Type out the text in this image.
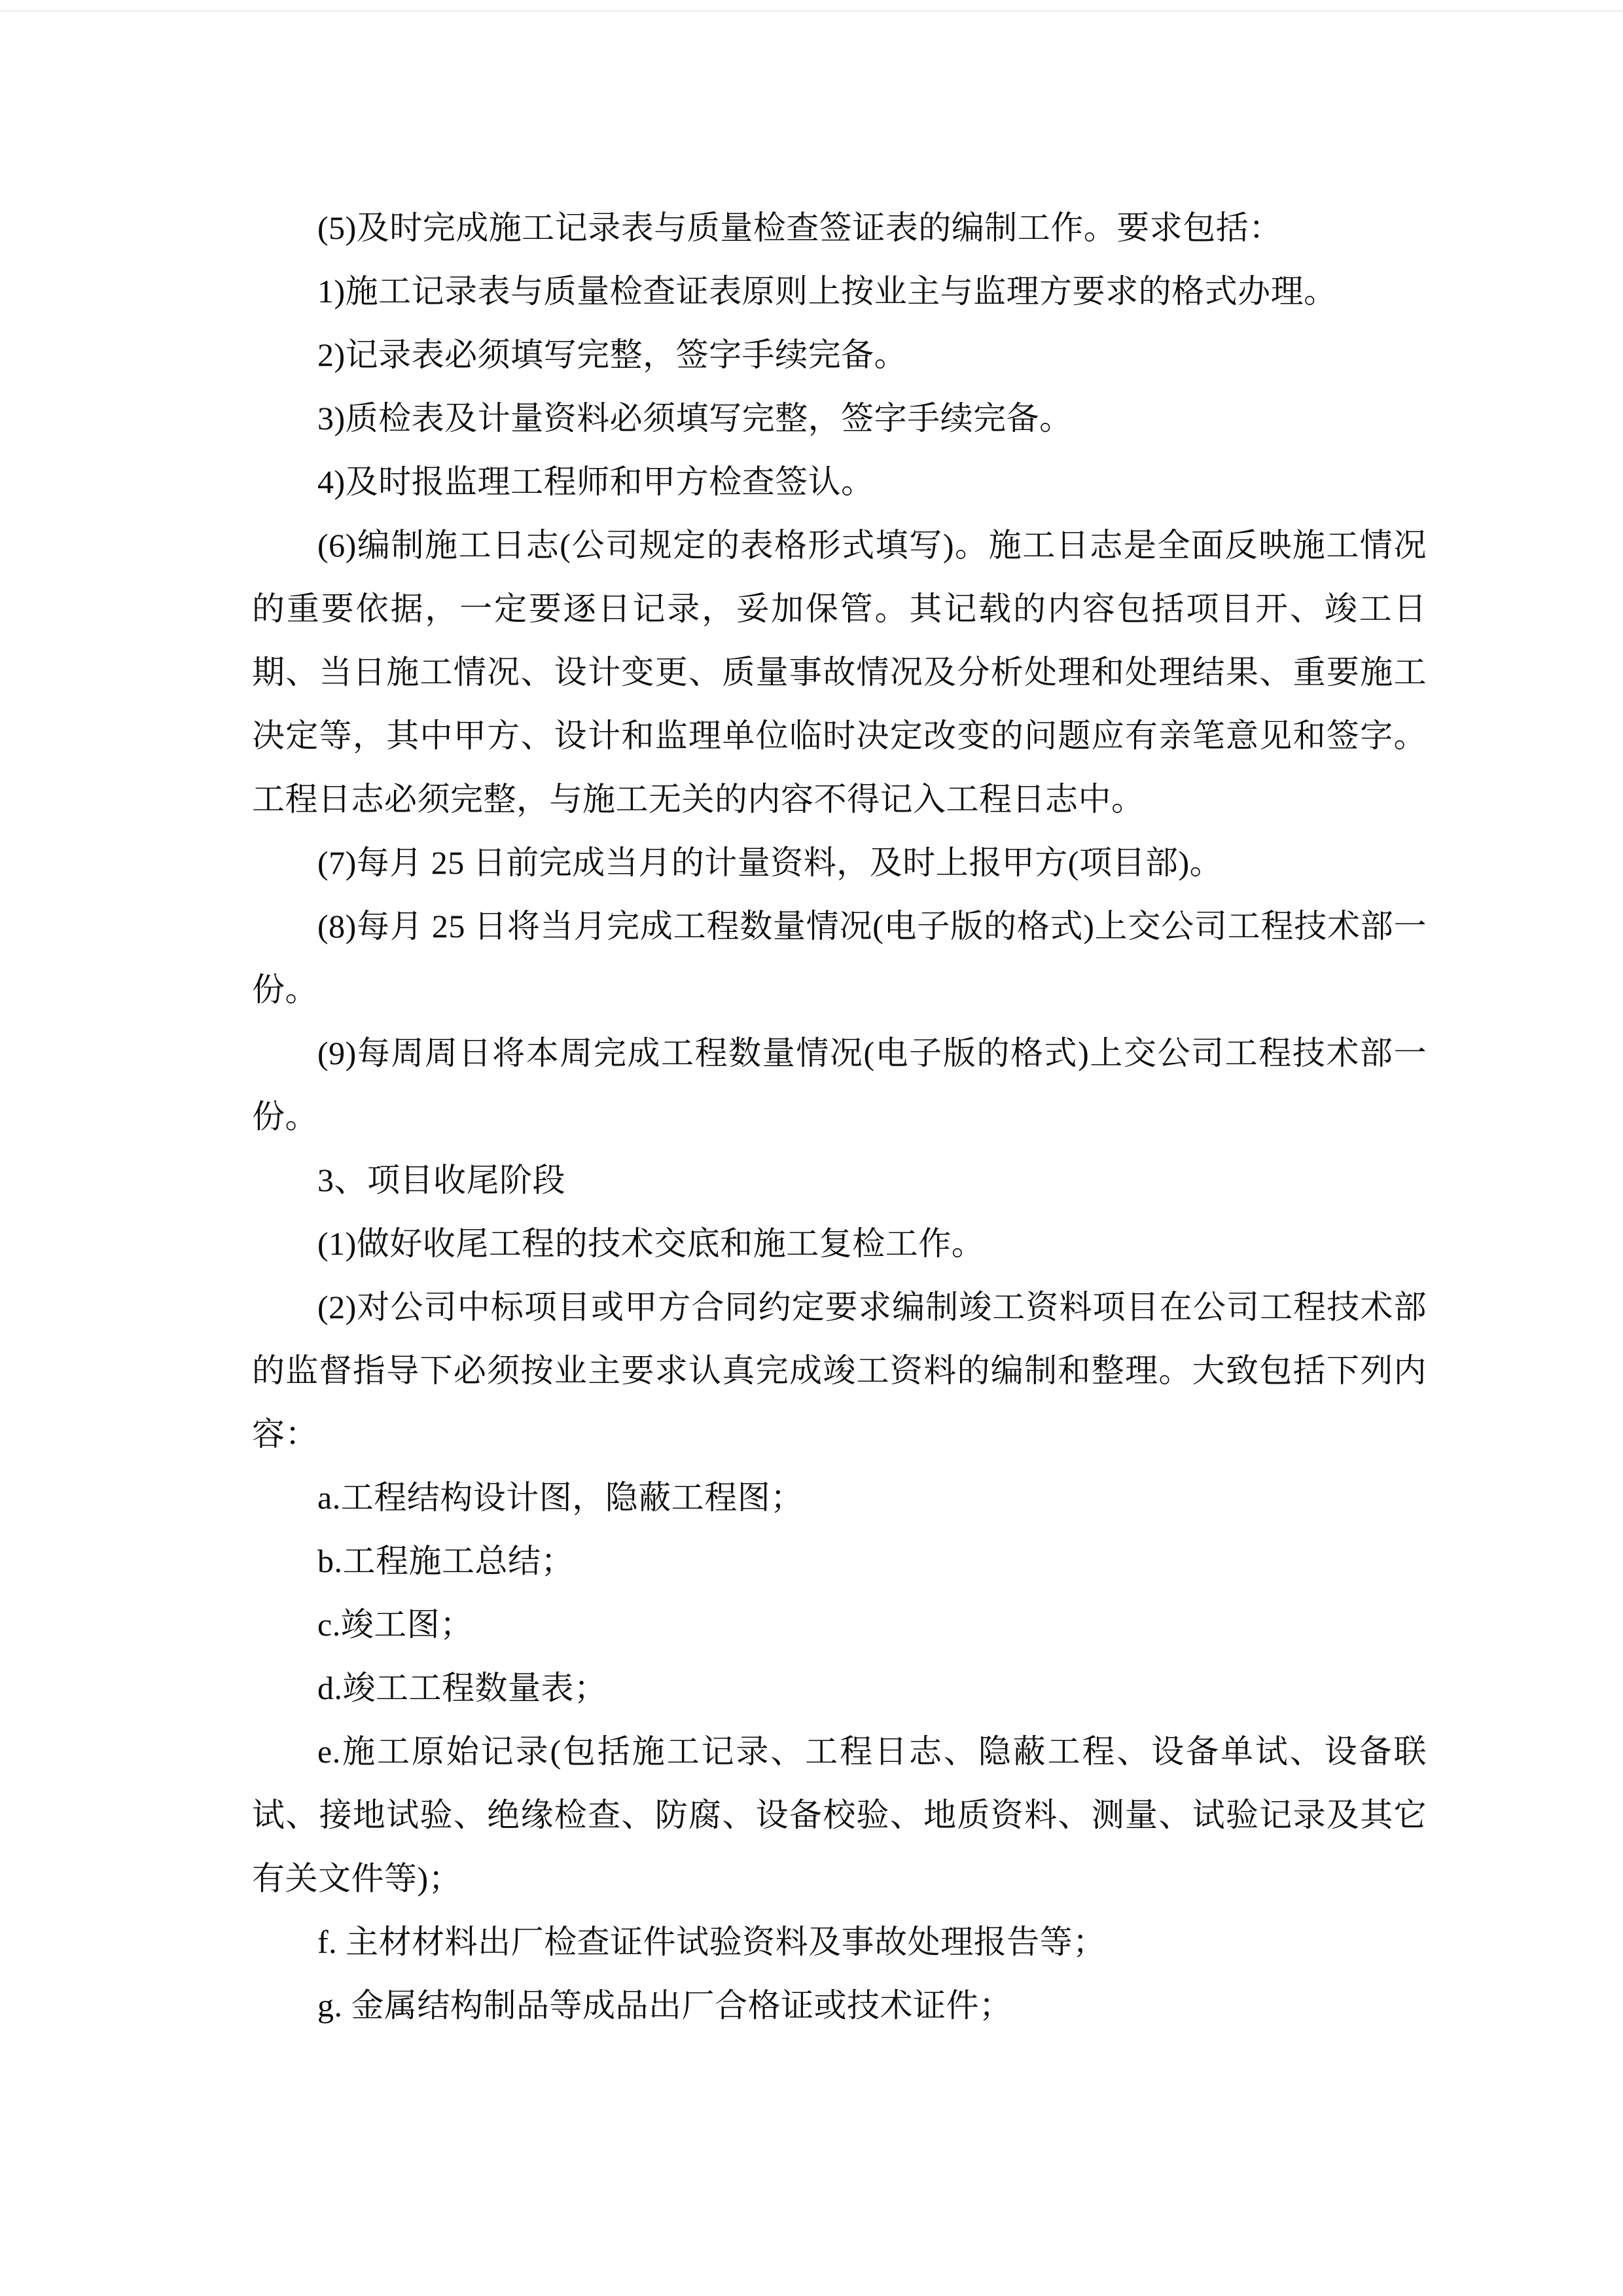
(5)及时完成施工记录表与质量检查签证表的编制工作。要求包括：

1)施工记录表与质量检查证表原则上按业主与监理方要求的格式办理。

2)记录表必须填写完整，签字手续完备。

3)质检表及计量资料必须填写完整，签字手续完备。

4)及时报监理工程师和甲方检查签认。

(6)编制施工日志(公司规定的表格形式填写)。施工日志是全面反映施工情况的重要依据，一定要逐日记录，妥加保管。其记载的内容包括项目开、竣工日期、当日施工情况、设计变更、质量事故情况及分析处理和处理结果、重要施工决定等，其中甲方、设计和监理单位临时决定改变的问题应有亲笔意见和签字。工程日志必须完整，与施工无关的内容不得记入工程日志中。

(7)每月 25 日前完成当月的计量资料，及时上报甲方(项目部)。

(8)每月 25 日将当月完成工程数量情况(电子版的格式)上交公司工程技术部一份。

(9)每周周日将本周完成工程数量情况(电子版的格式)上交公司工程技术部一份。

3、项目收尾阶段

(1)做好收尾工程的技术交底和施工复检工作。

(2)对公司中标项目或甲方合同约定要求编制竣工资料项目在公司工程技术部的监督指导下必须按业主要求认真完成竣工资料的编制和整理。大致包括下列内容：

a.工程结构设计图，隐蔽工程图；

b.工程施工总结；

c.竣工图；

d.竣工工程数量表；

e.施工原始记录(包括施工记录、工程日志、隐蔽工程、设备单试、设备联试、接地试验、绝缘检查、防腐、设备校验、地质资料、测量、试验记录及其它有关文件等)；

f. 主材材料出厂检查证件试验资料及事故处理报告等；

g. 金属结构制品等成品出厂合格证或技术证件；
